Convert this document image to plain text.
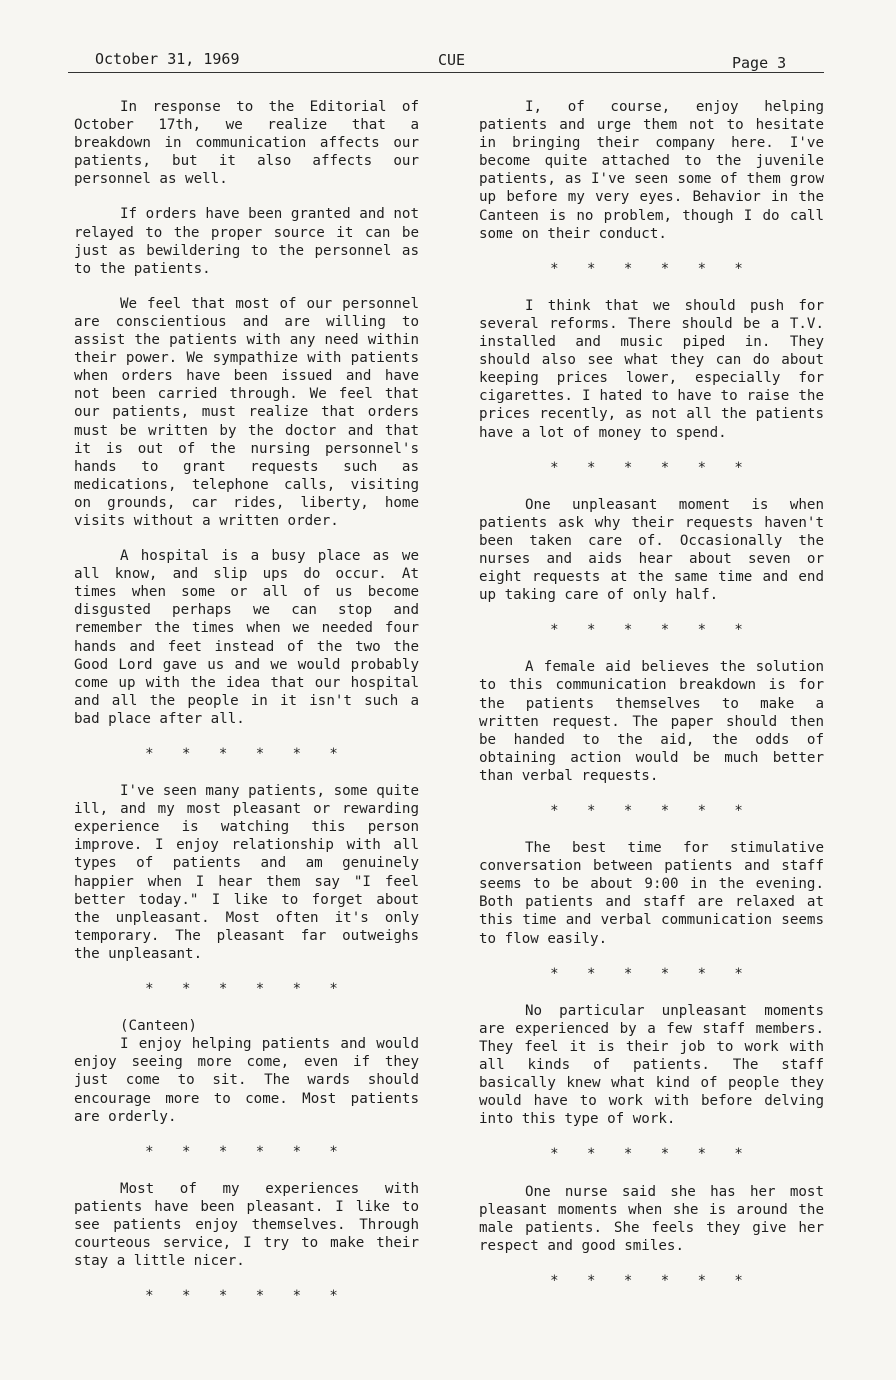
October 31, 1969	CUE	Page 3
In response to the Editorial of October 17th, we realize that a breakdown in communication affects our patients, but it also affects our personnel as well.
If orders have been granted and not relayed to the proper source it can be just as bewildering to the personnel as to the patients.
We feel that most of our personnel are conscientious and are willing to assist the patients with any need within their power. We sympathize with patients when orders have been issued and have not been carried through. We feel that our patients, must realize that orders must be written by the doctor and that it is out of the nursing personnel's hands to grant requests such as medications, telephone calls, visiting on grounds, car rides, liberty, home visits without a written order.
A hospital is a busy place as we all know, and slip ups do occur. At times when some or all of us become disgusted perhaps we can stop and remember the times when we needed four hands and feet instead of the two the Good Lord gave us and we would probably come up with the idea that our hospital and all the people in it isn't such a bad place after all.
* * * * * *
I've seen many patients, some quite ill, and my most pleasant or rewarding experience is watching this person improve. I enjoy relationship with all types of patients and am genuinely happier when I hear them say "I feel better today." I like to forget about the unpleasant. Most often it's only temporary. The pleasant far outweighs the unpleasant.
* * * * * *
(Canteen)
I enjoy helping patients and would enjoy seeing more come, even if they just come to sit. The wards should encourage more to come. Most patients are orderly.
* * * * * *
Most of my experiences with patients have been pleasant. I like to see patients enjoy themselves. Through courteous service, I try to make their stay a little nicer.
* * * * * *
I, of course, enjoy helping patients and urge them not to hesitate in bringing their company here. I've become quite attached to the juvenile patients, as I've seen some of them grow up before my very eyes. Behavior in the Canteen is no problem, though I do call some on their conduct.
* * * * * *
I think that we should push for several reforms. There should be a T.V. installed and music piped in. They should also see what they can do about keeping prices lower, especially for cigarettes. I hated to have to raise the prices recently, as not all the patients have a lot of money to spend.
* * * * * *
One unpleasant moment is when patients ask why their requests haven't been taken care of. Occasionally the nurses and aids hear about seven or eight requests at the same time and end up taking care of only half.
* * * * * *
A female aid believes the solution to this communication breakdown is for the patients themselves to make a written request. The paper should then be handed to the aid, the odds of obtaining action would be much better than verbal requests.
* * * * * *
The best time for stimulative conversation between patients and staff seems to be about 9:00 in the evening. Both patients and staff are relaxed at this time and verbal communication seems to flow easily.
* * * * * *
No particular unpleasant moments are experienced by a few staff members. They feel it is their job to work with all kinds of patients. The staff basically knew what kind of people they would have to work with before delving into this type of work.
* * * * * *
One nurse said she has her most pleasant moments when she is around the male patients. She feels they give her respect and good smiles.
* * * * * *
